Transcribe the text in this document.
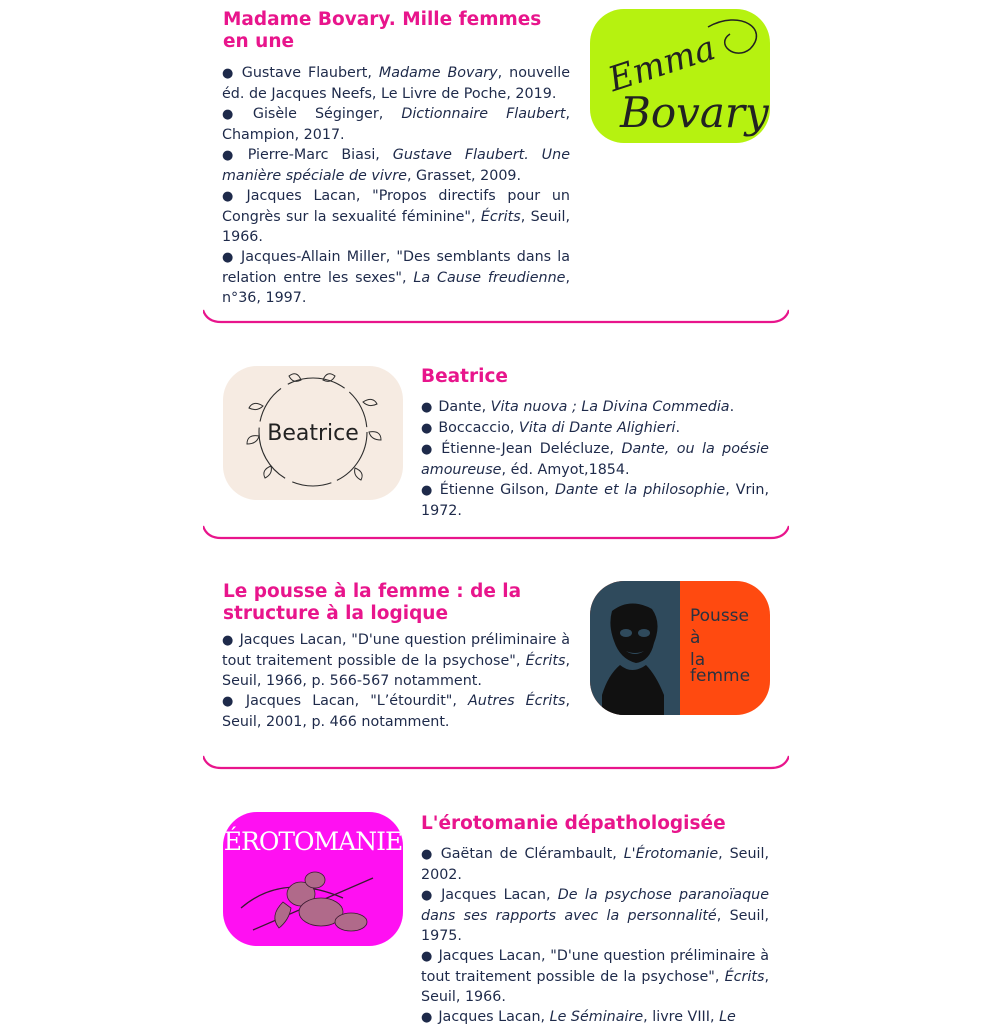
Madame Bovary. Mille femmes en une
● Gustave Flaubert, Madame Bovary, nouvelle éd. de Jacques Neefs, Le Livre de Poche, 2019.
● Gisèle Séginger, Dictionnaire Flaubert, Champion, 2017.
● Pierre-Marc Biasi, Gustave Flaubert. Une manière spéciale de vivre, Grasset, 2009.
● Jacques Lacan, "Propos directifs pour un Congrès sur la sexualité féminine", Écrits, Seuil, 1966.
● Jacques-Allain Miller, "Des semblants dans la relation entre les sexes", La Cause freudienne, n°36, 1997.
Emma
Bovary
Beatrice
Beatrice
● Dante, Vita nuova ; La Divina Commedia.
● Boccaccio, Vita di Dante Alighieri.
● Étienne-Jean Delécluze, Dante, ou la poésie amoureuse, éd. Amyot,1854.
● Étienne Gilson, Dante et la philosophie, Vrin, 1972.
Le pousse à la femme : de la structure à la logique
● Jacques Lacan, "D'une question préliminaire à tout traitement possible de la psychose", Écrits, Seuil, 1966, p. 566-567 notamment.
● Jacques Lacan, "L’étourdit", Autres Écrits, Seuil, 2001, p. 466 notamment.
Pousse
à
la
femme
ÉROTOMANIE
L'érotomanie dépathologisée
● Gaëtan de Clérambault, L'Érotomanie, Seuil, 2002.
● Jacques Lacan, De la psychose paranoïaque dans ses rapports avec la personnalité, Seuil, 1975.
● Jacques Lacan, "D'une question préliminaire à tout traitement possible de la psychose", Écrits, Seuil, 1966.
● Jacques Lacan, Le Séminaire, livre VIII, Le
